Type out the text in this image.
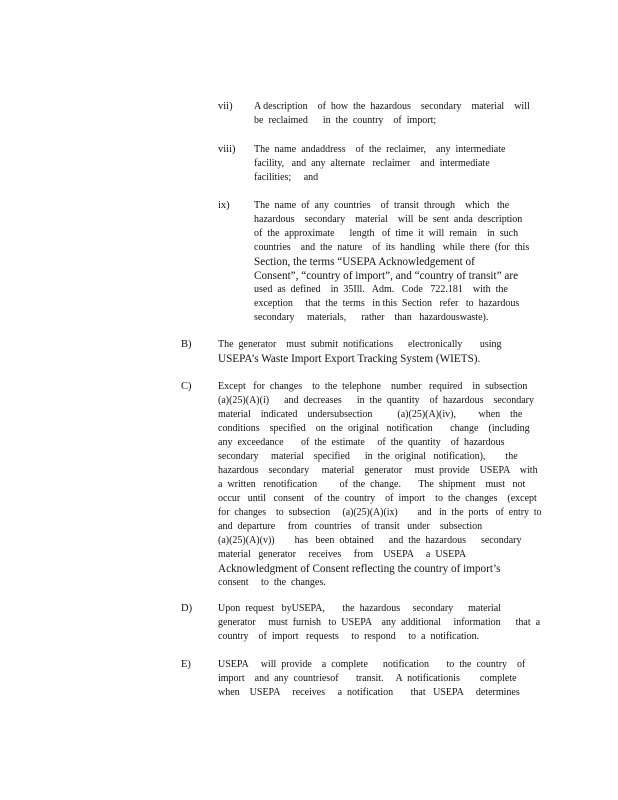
vii) A description    of  how  the  hazardous    secondary    material    will
be  reclaimed      in  the  country    of  import;
viii) The  name  andaddress    of  the  reclaimer,    any  intermediate
facility,   and  any  alternate   reclaimer    and  intermediate
facilities;     and
ix) The  name  of  any  countries    of  transit  through    which   the
hazardous    secondary    material    will  be  sent  anda  description
of  the  approximate      length   of  time  it  will  remain    in  such
countries    and  the  nature    of  its  handling   while  there  (for  this
Section, the terms “USEPA Acknowledgement of
Consent”, “country of import”, and “country of transit” are
used  as  defined    in  35Ill.   Adm.   Code   722.181    with  the
exception     that  the  terms   in this  Section   refer   to  hazardous
secondary     materials,      rather    than   hazardouswaste).
B)	The  generator    must  submit  notifications      electronically       using
USEPA’s Waste Import Export Tracking System (WIETS).
C)	Except   for  changes    to  the  telephone    number   required    in  subsection
(a)(25)(A)(i)      and  decreases      in  the  quantity    of  hazardous    secondary
material    indicated    undersubsection          (a)(25)(A)(iv),         when    the
conditions    specified    on  the  original   notification       change    (including
any  exceedance       of  the  estimate     of  the  quantity    of  hazardous
secondary     material    specified      in  the  original   notification),        the
hazardous    secondary     material    generator     must  provide    USEPA    with
a  written   renotification         of  the  change.       The  shipment    must   not
occur   until   consent    of  the  country    of  import    to  the  changes    (except
for  changes    to  subsection     (a)(25)(A)(ix)        and   in  the  ports   of  entry  to
and  departure     from   countries    of  transit   under    subsection
(a)(25)(A)(v))        has   been  obtained      and  the  hazardous      secondary
material   generator     receives     from    USEPA     a  USEPA
Acknowledgment of Consent reflecting the country of import’s
consent     to  the  changes.
D)	Upon  request   byUSEPA,       the  hazardous     secondary      material
generator     must  furnish   to  USEPA    any  additional     information      that  a
country    of  import   requests     to  respond     to  a  notification.
E)	USEPA     will  provide    a  complete      notification       to  the  country    of
import    and  any  countriesof       transit.     A  notificationis        complete
when    USEPA     receives     a  notification       that   USEPA     determines
